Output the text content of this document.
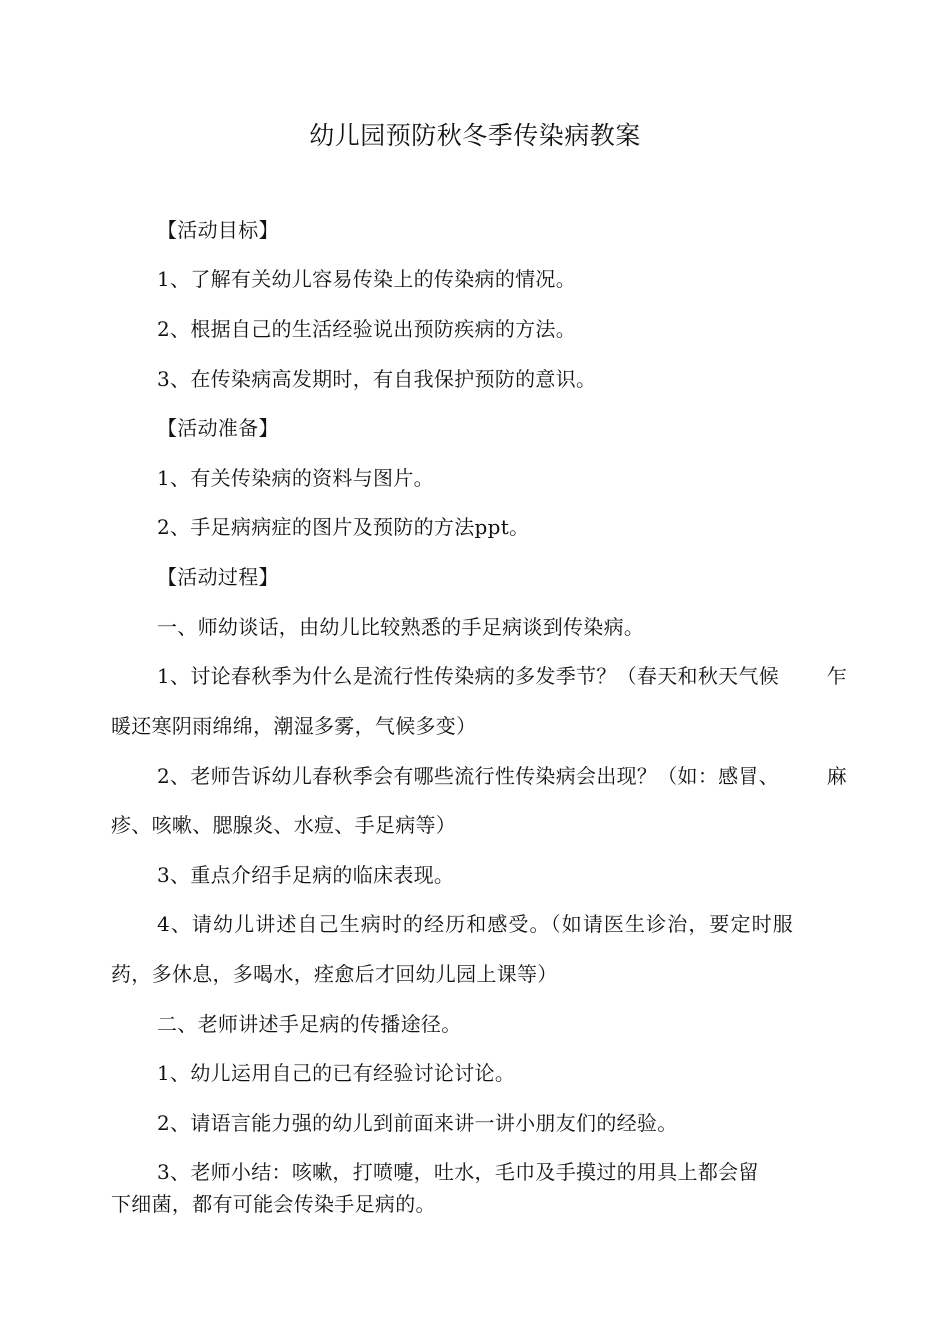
幼儿园预防秋冬季传染病教案
【活动目标】
1、了解有关幼儿容易传染上的传染病的情况。
2、根据自己的生活经验说出预防疾病的方法。
3、在传染病高发期时，有自我保护预防的意识。
【活动准备】
1、有关传染病的资料与图片。
2、手足病病症的图片及预防的方法ppt。
【活动过程】
一、师幼谈话，由幼儿比较熟悉的手足病谈到传染病。
1、讨论春秋季为什么是流行性传染病的多发季节？（春天和秋天气候 乍
暖还寒阴雨绵绵，潮湿多雾，气候多变）
2、老师告诉幼儿春秋季会有哪些流行性传染病会出现？（如：感冒、 麻
疹、咳嗽、腮腺炎、水痘、手足病等）
3、重点介绍手足病的临床表现。
4、请幼儿讲述自己生病时的经历和感受。（如请医生诊治，要定时服
药，多休息，多喝水，痊愈后才回幼儿园上课等）
二、老师讲述手足病的传播途径。
1、幼儿运用自己的已有经验讨论讨论。
2、请语言能力强的幼儿到前面来讲一讲小朋友们的经验。
3、老师小结：咳嗽，打喷嚏，吐水，毛巾及手摸过的用具上都会留
下细菌，都有可能会传染手足病的。
